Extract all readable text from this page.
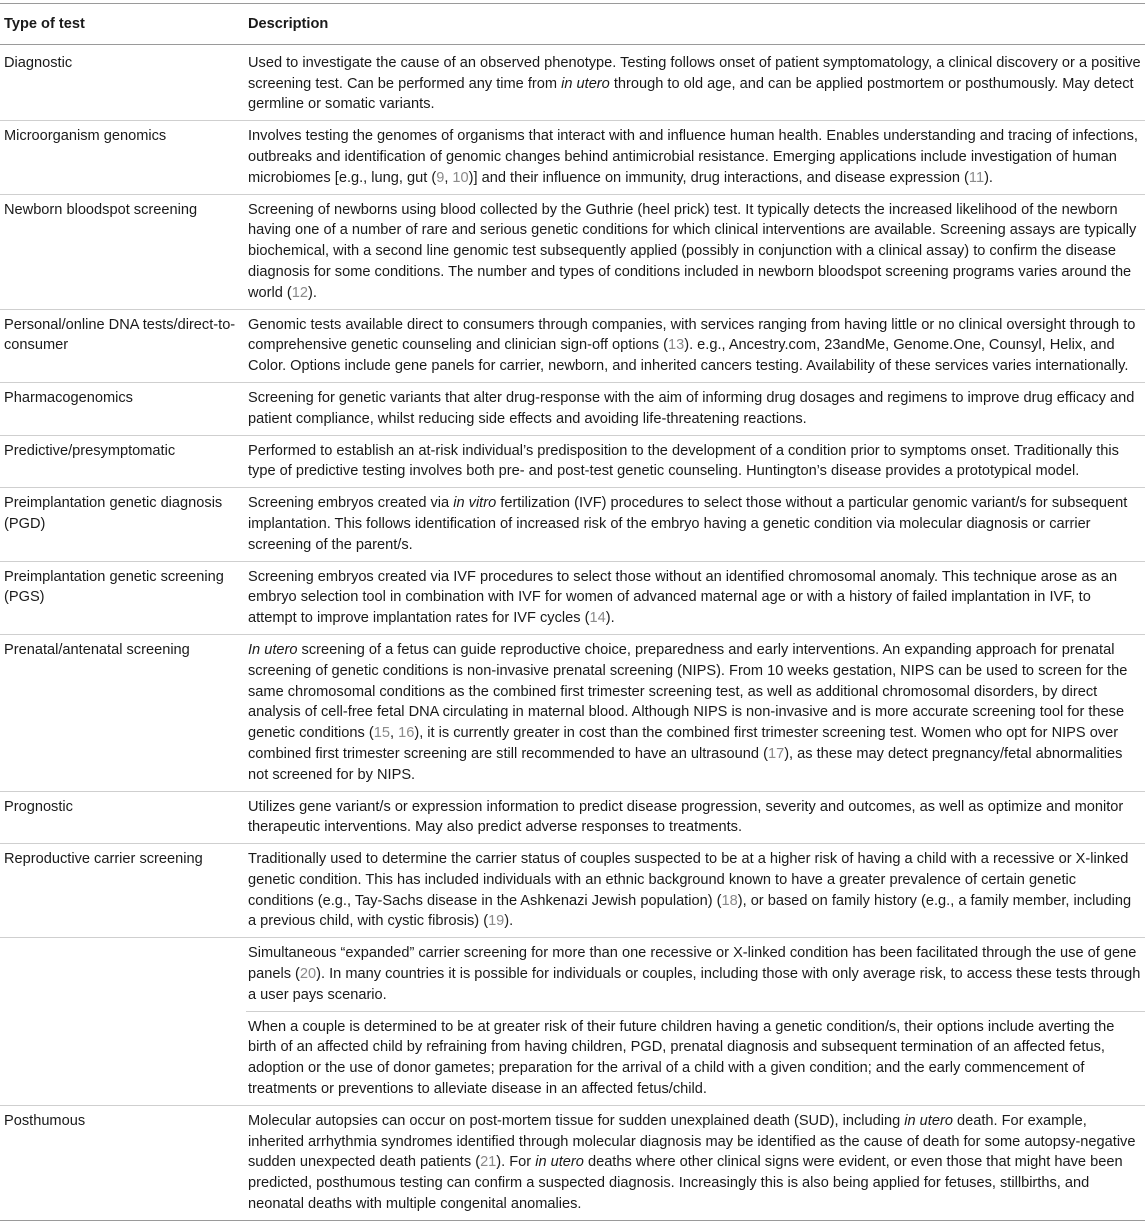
Type of test	Description
Diagnostic	Used to investigate the cause of an observed phenotype. Testing follows onset of patient symptomatology, a clinical discovery or a positive screening test. Can be performed any time from in utero through to old age, and can be applied postmortem or posthumously. May detect germline or somatic variants.
Microorganism genomics	Involves testing the genomes of organisms that interact with and influence human health. Enables understanding and tracing of infections, outbreaks and identification of genomic changes behind antimicrobial resistance. Emerging applications include investigation of human microbiomes [e.g., lung, gut (9, 10)] and their influence on immunity, drug interactions, and disease expression (11).
Newborn bloodspot screening	Screening of newborns using blood collected by the Guthrie (heel prick) test. It typically detects the increased likelihood of the newborn having one of a number of rare and serious genetic conditions for which clinical interventions are available. Screening assays are typically biochemical, with a second line genomic test subsequently applied (possibly in conjunction with a clinical assay) to confirm the disease diagnosis for some conditions. The number and types of conditions included in newborn bloodspot screening programs varies around the world (12).
Personal/online DNA tests/direct-to-consumer	Genomic tests available direct to consumers through companies, with services ranging from having little or no clinical oversight through to comprehensive genetic counseling and clinician sign-off options (13). e.g., Ancestry.com, 23andMe, Genome.One, Counsyl, Helix, and Color. Options include gene panels for carrier, newborn, and inherited cancers testing. Availability of these services varies internationally.
Pharmacogenomics	Screening for genetic variants that alter drug-response with the aim of informing drug dosages and regimens to improve drug efficacy and patient compliance, whilst reducing side effects and avoiding life-threatening reactions.
Predictive/presymptomatic	Performed to establish an at-risk individual’s predisposition to the development of a condition prior to symptoms onset. Traditionally this type of predictive testing involves both pre- and post-test genetic counseling. Huntington’s disease provides a prototypical model.
Preimplantation genetic diagnosis (PGD)	Screening embryos created via in vitro fertilization (IVF) procedures to select those without a particular genomic variant/s for subsequent implantation. This follows identification of increased risk of the embryo having a genetic condition via molecular diagnosis or carrier screening of the parent/s.
Preimplantation genetic screening (PGS)	Screening embryos created via IVF procedures to select those without an identified chromosomal anomaly. This technique arose as an embryo selection tool in combination with IVF for women of advanced maternal age or with a history of failed implantation in IVF, to attempt to improve implantation rates for IVF cycles (14).
Prenatal/antenatal screening	In utero screening of a fetus can guide reproductive choice, preparedness and early interventions. An expanding approach for prenatal screening of genetic conditions is non-invasive prenatal screening (NIPS). From 10 weeks gestation, NIPS can be used to screen for the same chromosomal conditions as the combined first trimester screening test, as well as additional chromosomal disorders, by direct analysis of cell-free fetal DNA circulating in maternal blood. Although NIPS is non-invasive and is more accurate screening tool for these genetic conditions (15, 16), it is currently greater in cost than the combined first trimester screening test. Women who opt for NIPS over combined first trimester screening are still recommended to have an ultrasound (17), as these may detect pregnancy/fetal abnormalities not screened for by NIPS.
Prognostic	Utilizes gene variant/s or expression information to predict disease progression, severity and outcomes, as well as optimize and monitor therapeutic interventions. May also predict adverse responses to treatments.
Reproductive carrier screening	Traditionally used to determine the carrier status of couples suspected to be at a higher risk of having a child with a recessive or X-linked genetic condition. This has included individuals with an ethnic background known to have a greater prevalence of certain genetic conditions (e.g., Tay-Sachs disease in the Ashkenazi Jewish population) (18), or based on family history (e.g., a family member, including a previous child, with cystic fibrosis) (19).
	Simultaneous “expanded” carrier screening for more than one recessive or X-linked condition has been facilitated through the use of gene panels (20). In many countries it is possible for individuals or couples, including those with only average risk, to access these tests through a user pays scenario.
	When a couple is determined to be at greater risk of their future children having a genetic condition/s, their options include averting the birth of an affected child by refraining from having children, PGD, prenatal diagnosis and subsequent termination of an affected fetus, adoption or the use of donor gametes; preparation for the arrival of a child with a given condition; and the early commencement of treatments or preventions to alleviate disease in an affected fetus/child.
Posthumous	Molecular autopsies can occur on post-mortem tissue for sudden unexplained death (SUD), including in utero death. For example, inherited arrhythmia syndromes identified through molecular diagnosis may be identified as the cause of death for some autopsy-negative sudden unexpected death patients (21). For in utero deaths where other clinical signs were evident, or even those that might have been predicted, posthumous testing can confirm a suspected diagnosis. Increasingly this is also being applied for fetuses, stillbirths, and neonatal deaths with multiple congenital anomalies.
